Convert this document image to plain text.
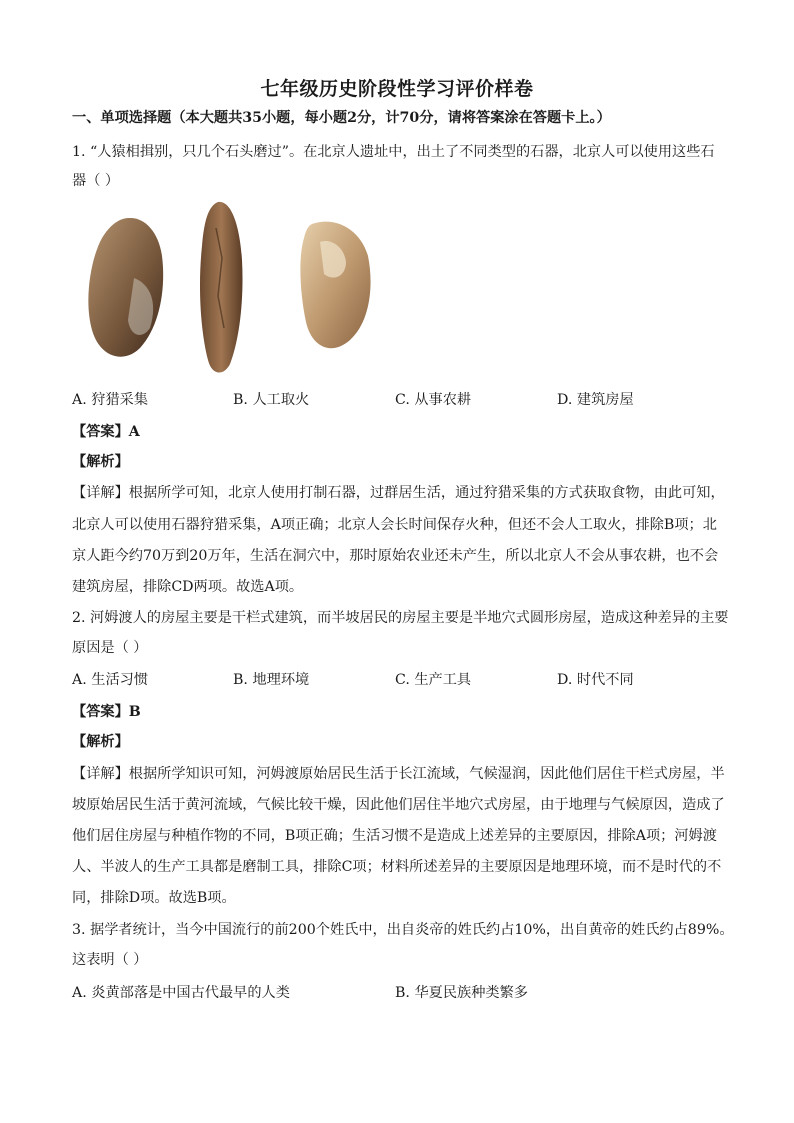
七年级历史阶段性学习评价样卷
一、单项选择题（本大题共35小题，每小题2分，计70分，请将答案涂在答题卡上。）
1. “人猿相揖别，只几个石头磨过”。在北京人遗址中，出土了不同类型的石器，北京人可以使用这些石
器（ ）
A. 狩猎采集	B. 人工取火	C. 从事农耕	D. 建筑房屋
【答案】A
【解析】
【详解】根据所学可知，北京人使用打制石器，过群居生活，通过狩猎采集的方式获取食物，由此可知，
北京人可以使用石器狩猎采集，A项正确；北京人会长时间保存火种，但还不会人工取火，排除B项；北
京人距今约70万到20万年，生活在洞穴中，那时原始农业还未产生，所以北京人不会从事农耕，也不会
建筑房屋，排除CD两项。故选A项。
2. 河姆渡人的房屋主要是干栏式建筑，而半坡居民的房屋主要是半地穴式圆形房屋，造成这种差异的主要
原因是（ ）
A. 生活习惯	B. 地理环境	C. 生产工具	D. 时代不同
【答案】B
【解析】
【详解】根据所学知识可知，河姆渡原始居民生活于长江流域，气候湿润，因此他们居住干栏式房屋，半
坡原始居民生活于黄河流域，气候比较干燥，因此他们居住半地穴式房屋，由于地理与气候原因，造成了
他们居住房屋与种植作物的不同，B项正确；生活习惯不是造成上述差异的主要原因，排除A项；河姆渡
人、半波人的生产工具都是磨制工具，排除C项；材料所述差异的主要原因是地理环境，而不是时代的不
同，排除D项。故选B项。
3. 据学者统计，当今中国流行的前200个姓氏中，出自炎帝的姓氏约占10%，出自黄帝的姓氏约占89%。
这表明（ ）
A. 炎黄部落是中国古代最早的人类	B. 华夏民族种类繁多
